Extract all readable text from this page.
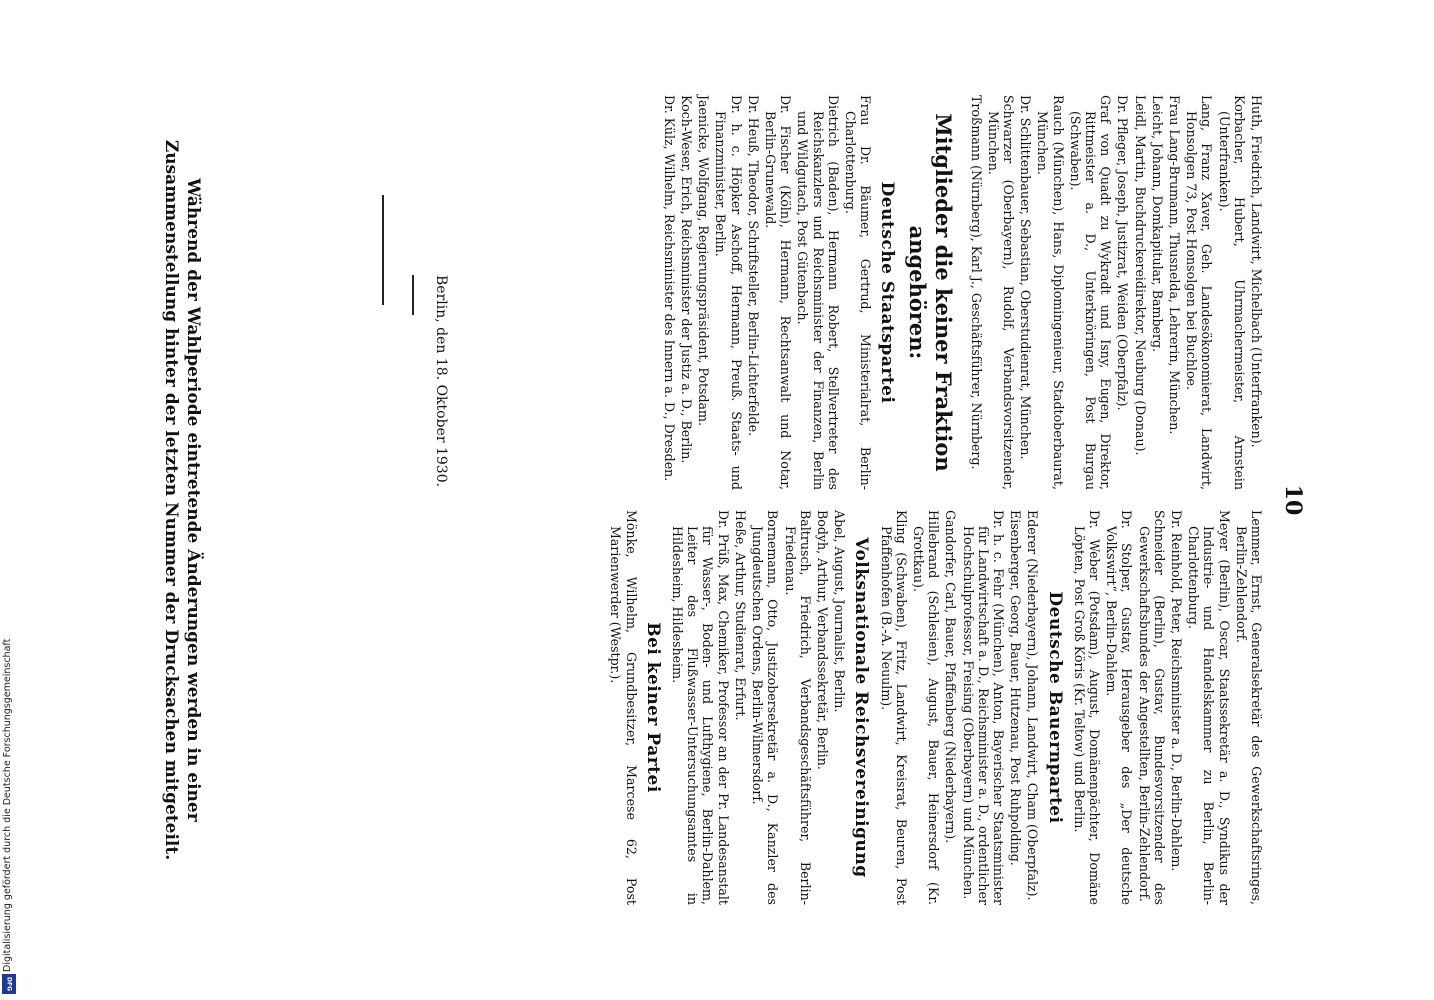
10
Huth, Friedrich, Landwirt, Michelbach (Unterfranken).
Korbacher, Hubert, Uhrmachermeister, Arnstein (Unterfranken).
Lang, Franz Xaver, Geh. Landesökonomierat, Landwirt, Honsolgen 73, Post Honsolgen bei Buchloe.
Frau Lang-Brumann, Thusnelda, Lehrerin, München.
Leicht, Johann, Domkapitular, Bamberg.
Leidl, Martin, Buchdruckereidirektor, Neuburg (Donau).
Dr. Pfleger, Joseph, Justizrat, Weiden (Oberpfalz).
Graf von Quadt zu Wykradt und Isny, Eugen, Direktor, Rittmeister a. D., Unterknöringen, Post Burgau (Schwaben).
Rauch (München), Hans, Diplomingenieur, Stadtoberbaurat, München.
Dr. Schlittenbauer, Sebastian, Oberstudienrat, München.
Schwarzer (Oberbayern), Rudolf, Verbandsvorsitzender, München.
Troßmann (Nürnberg), Karl J., Geschäftsführer, Nürnberg.
Mitglieder die keiner Fraktion angehören:
Deutsche Staatspartei
Frau Dr. Bäumer, Gertrud, Ministerialrat, Berlin-Charlottenburg.
Dietrich (Baden), Hermann Robert, Stellvertreter des Reichskanzlers und Reichsminister der Finanzen, Berlin und Wildgutach, Post Gütenbach.
Dr. Fischer (Köln), Hermann, Rechtsanwalt und Notar, Berlin-Grunewald.
Dr. Heuß, Theodor, Schriftsteller, Berlin-Lichterfelde.
Dr. h. c. Höpker Aschoff, Hermann, Preuß. Staats- und Finanzminister, Berlin.
Jaenicke, Wolfgang, Regierungspräsident, Potsdam.
Koch-Weser, Erich, Reichsminister der Justiz a. D., Berlin.
Dr. Külz, Wilhelm, Reichsminister des Innern a. D., Dresden.
Berlin, den 18. Oktober 1930.
Lemmer, Ernst, Generalsekretär des Gewerkschaftsringes, Berlin-Zehlendorf.
Meyer (Berlin), Oscar, Staatssekretär a. D., Syndikus der Industrie- und Handelskammer zu Berlin, Berlin-Charlottenburg.
Dr. Reinhold, Peter, Reichsminister a. D., Berlin-Dahlem.
Schneider (Berlin), Gustav, Bundesvorsitzender des Gewerkschaftsbundes der Angestellten, Berlin-Zehlendorf.
Dr. Stolper, Gustav, Herausgeber des „Der deutsche Volkswirt“, Berlin-Dahlem.
Dr. Weber (Potsdam), August, Domänenpächter, Domäne Löpten, Post Groß Köris (Kr. Teltow) und Berlin.
Deutsche Bauernpartei
Ederer (Niederbayern), Johann, Landwirt, Cham (Oberpfalz).
Eisenberger, Georg, Bauer, Hutzenau, Post Ruhpolding.
Dr. h. c. Fehr (München), Anton, Bayerischer Staatsminister für Landwirtschaft a. D., Reichsminister a. D., ordentlicher Hochschulprofessor, Freising (Oberbayern) und München.
Gandorfer, Carl, Bauer, Pfaffenberg (Niederbayern).
Hillebrand (Schlesien), August, Bauer, Heinersdorf (Kr. Grottkau).
Kling (Schwaben), Fritz, Landwirt, Kreisrat, Beuren, Post Pfaffenhofen (B.-A. Neuulm).
Volksnationale Reichsvereinigung
Abel, August, Journalist, Berlin.
Bodyh, Arthur, Verbandssekretär, Berlin.
Baltrusch, Friedrich, Verbandsgeschäftsführer, Berlin-Friedenau.
Bornemann, Otto, Justizobersekretär a. D., Kanzler des Jungdeutschen Ordens, Berlin-Wilmersdorf.
Heße, Arthur, Studienrat, Erfurt.
Dr. Prüß, Max, Chemiker, Professor an der Pr. Landesanstalt für Wasser-, Boden- und Lufthygiene, Berlin-Dahlem, Leiter des Flußwasser-Untersuchungsamtes in Hildesheim, Hildesheim.
Bei keiner Partei
Mönke, Wilhelm, Grundbesitzer, Marcese 62, Post Marienwerder (Westpr.).
Während der Wahlperiode eintretende Änderungen werden in einer Zusammenstellung hinter der letzten Nummer der Drucksachen mitgeteilt.
Digitalisierung gefördert durch die Deutsche Forschungsgemeinschaft
DFG
